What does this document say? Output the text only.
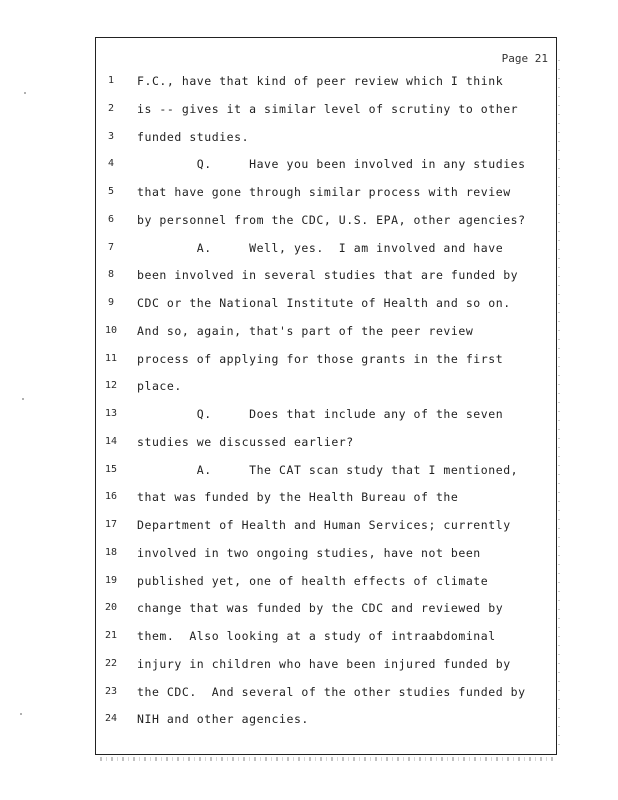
Page 21
1	F.C., have that kind of peer review which I think
2	is -- gives it a similar level of scrutiny to other
3	funded studies.
4	Q.     Have you been involved in any studies
5	that have gone through similar process with review
6	by personnel from the CDC, U.S. EPA, other agencies?
7	A.     Well, yes.  I am involved and have
8	been involved in several studies that are funded by
9	CDC or the National Institute of Health and so on.
10	And so, again, that's part of the peer review
11	process of applying for those grants in the first
12	place.
13	Q.     Does that include any of the seven
14	studies we discussed earlier?
15	A.     The CAT scan study that I mentioned,
16	that was funded by the Health Bureau of the
17	Department of Health and Human Services; currently
18	involved in two ongoing studies, have not been
19	published yet, one of health effects of climate
20	change that was funded by the CDC and reviewed by
21	them.  Also looking at a study of intraabdominal
22	injury in children who have been injured funded by
23	the CDC.  And several of the other studies funded by
24	NIH and other agencies.
